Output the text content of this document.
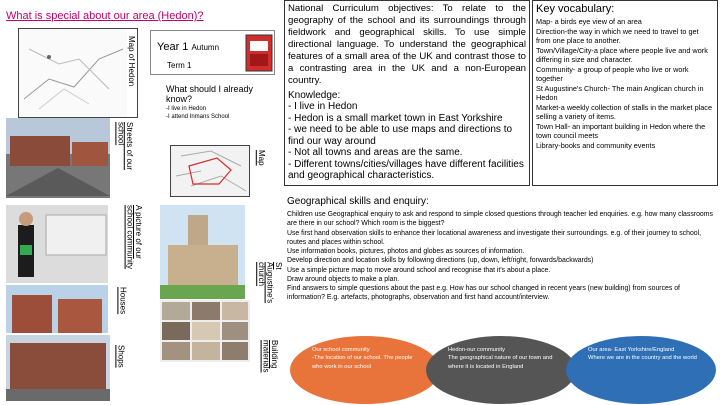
What is special about our area (Hedon)?
Map of Hedon Year 1 Autumn
Term 1
What should I already know?
-I live in Hedon
-I attend Inmans School
Streets of our school
Map
A picture of our school community	St Augustine's church
Houses
Building materials
Shops
National Curriculum objectives: To relate to the geography of the school and its surroundings through fieldwork and geographical skills. To use simple directional language. To understand the geographical features of a small area of the UK and contrast those to a contrasting area in the UK and a non-European country.
Knowledge:
- I live in Hedon
- Hedon is a small market town in East Yorkshire
- we need to be able to use maps and directions to find our way around
- Not all towns and areas are the same.
- Different towns/cities/villages have different facilities and geographical characteristics.
Key vocabulary:
Map- a birds eye view of an area
Direction-the way in which we need to travel to get from one place to another.
Town/Village/City-a place where people live and work differing in size and character.
Community- a group of people who live or work together
St Augustine's Church- The main Anglican church in Hedon
Market-a weekly collection of stalls in the market place selling a variety of items.
Town Hall- an important building in Hedon where the town council meets
Library-books and community events
Geographical skills and enquiry:
Children use Geographical enquiry to ask and respond to simple closed questions through teacher led enquiries. e.g. how many classrooms are there in our school? Which room is the biggest?
Use first hand observation skills to enhance their locational awareness and investigate their surroundings. e.g. of their journey to school, routes and places within school.
Use information books, pictures, photos and globes as sources of information.
Develop direction and location skills by following directions (up, down, left/right, forwards/backwards)
Use a simple picture map to move around school and recognise that it's about a place.
Draw around objects to make a plan.
Find answers to simple questions about the past e.g. How has our school changed in recent years (new building) from sources of information? E.g. artefacts, photographs, observation and first hand account/interview.
Our school community
-The location of our school. The people who work in our school
Hedon-our community
The geographical nature of our town and where it is located in England
Our area- East Yorkshire/England
Where we are in the country and the world
